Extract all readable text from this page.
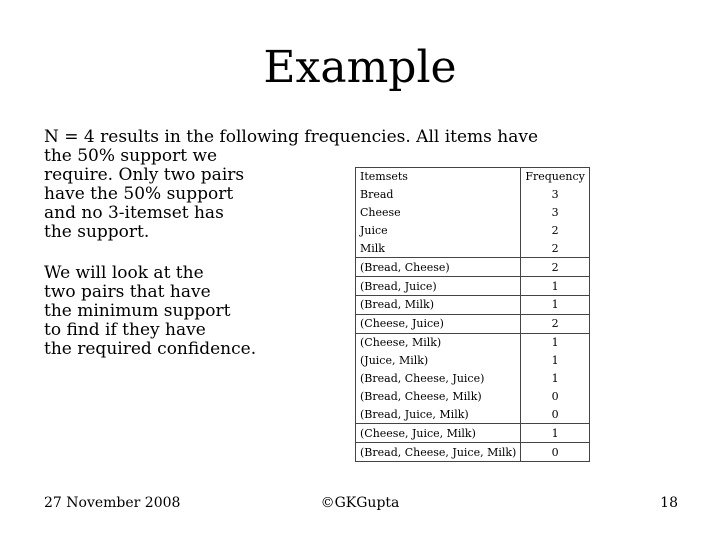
Example

N = 4 results in the following frequencies. All items have
the 50% support we
require. Only two pairs
have the 50% support
and no 3-itemset has
the support.

We will look at the
two pairs that have
the minimum support
to find if they have
the required confidence.

Itemsets	Frequency
Bread	3
Cheese	3
Juice	2
Milk	2
(Bread, Cheese)	2
(Bread, Juice)	1
(Bread, Milk)	1
(Cheese, Juice)	2
(Cheese, Milk)	1
(Juice, Milk)	1
(Bread, Cheese, Juice)	1
(Bread, Cheese, Milk)	0
(Bread, Juice, Milk)	0
(Cheese, Juice, Milk)	1
(Bread, Cheese, Juice, Milk)	0
27 November 2008	©GKGupta	18
